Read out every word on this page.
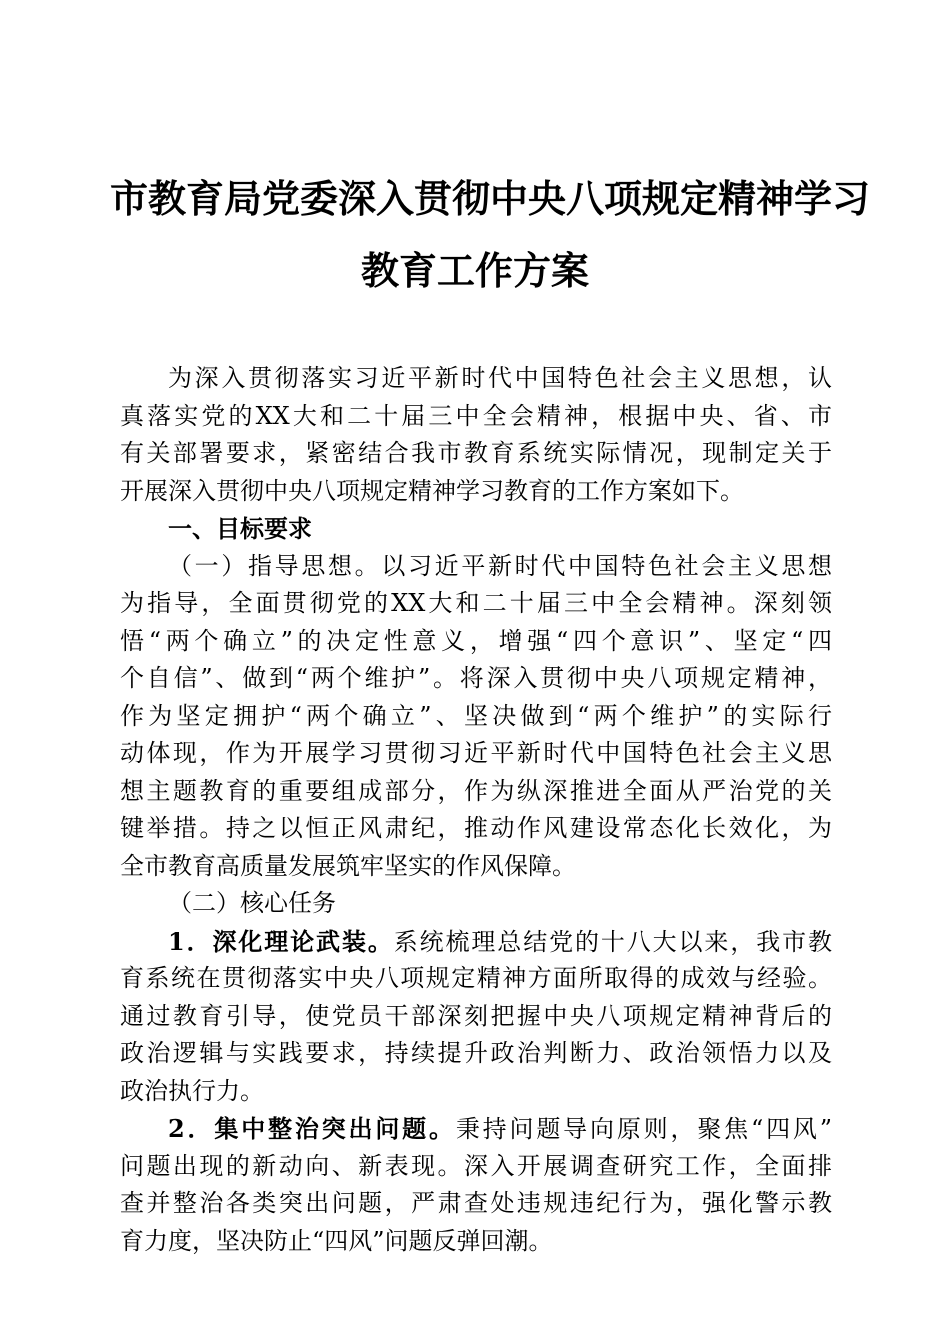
市教育局党委深入贯彻中央八项规定精神学习
教育工作方案
为深入贯彻落实习近平新时代中国特色社会主义思想，认
真落实党的XX大和二十届三中全会精神，根据中央、省、市
有关部署要求，紧密结合我市教育系统实际情况，现制定关于
开展深入贯彻中央八项规定精神学习教育的工作方案如下。
一、目标要求
（一）指导思想。以习近平新时代中国特色社会主义思想
为指导，全面贯彻党的XX大和二十届三中全会精神。深刻领
悟“两个确立”的决定性意义，增强“四个意识”、坚定“四
个自信”、做到“两个维护”。将深入贯彻中央八项规定精神，
作为坚定拥护“两个确立”、坚决做到“两个维护”的实际行
动体现，作为开展学习贯彻习近平新时代中国特色社会主义思
想主题教育的重要组成部分，作为纵深推进全面从严治党的关
键举措。持之以恒正风肃纪，推动作风建设常态化长效化，为
全市教育高质量发展筑牢坚实的作风保障。
（二）核心任务
1．深化理论武装。系统梳理总结党的十八大以来，我市教
育系统在贯彻落实中央八项规定精神方面所取得的成效与经验。
通过教育引导，使党员干部深刻把握中央八项规定精神背后的
政治逻辑与实践要求，持续提升政治判断力、政治领悟力以及
政治执行力。
2．集中整治突出问题。秉持问题导向原则，聚焦“四风”
问题出现的新动向、新表现。深入开展调查研究工作，全面排
查并整治各类突出问题，严肃查处违规违纪行为，强化警示教
育力度，坚决防止“四风”问题反弹回潮。
